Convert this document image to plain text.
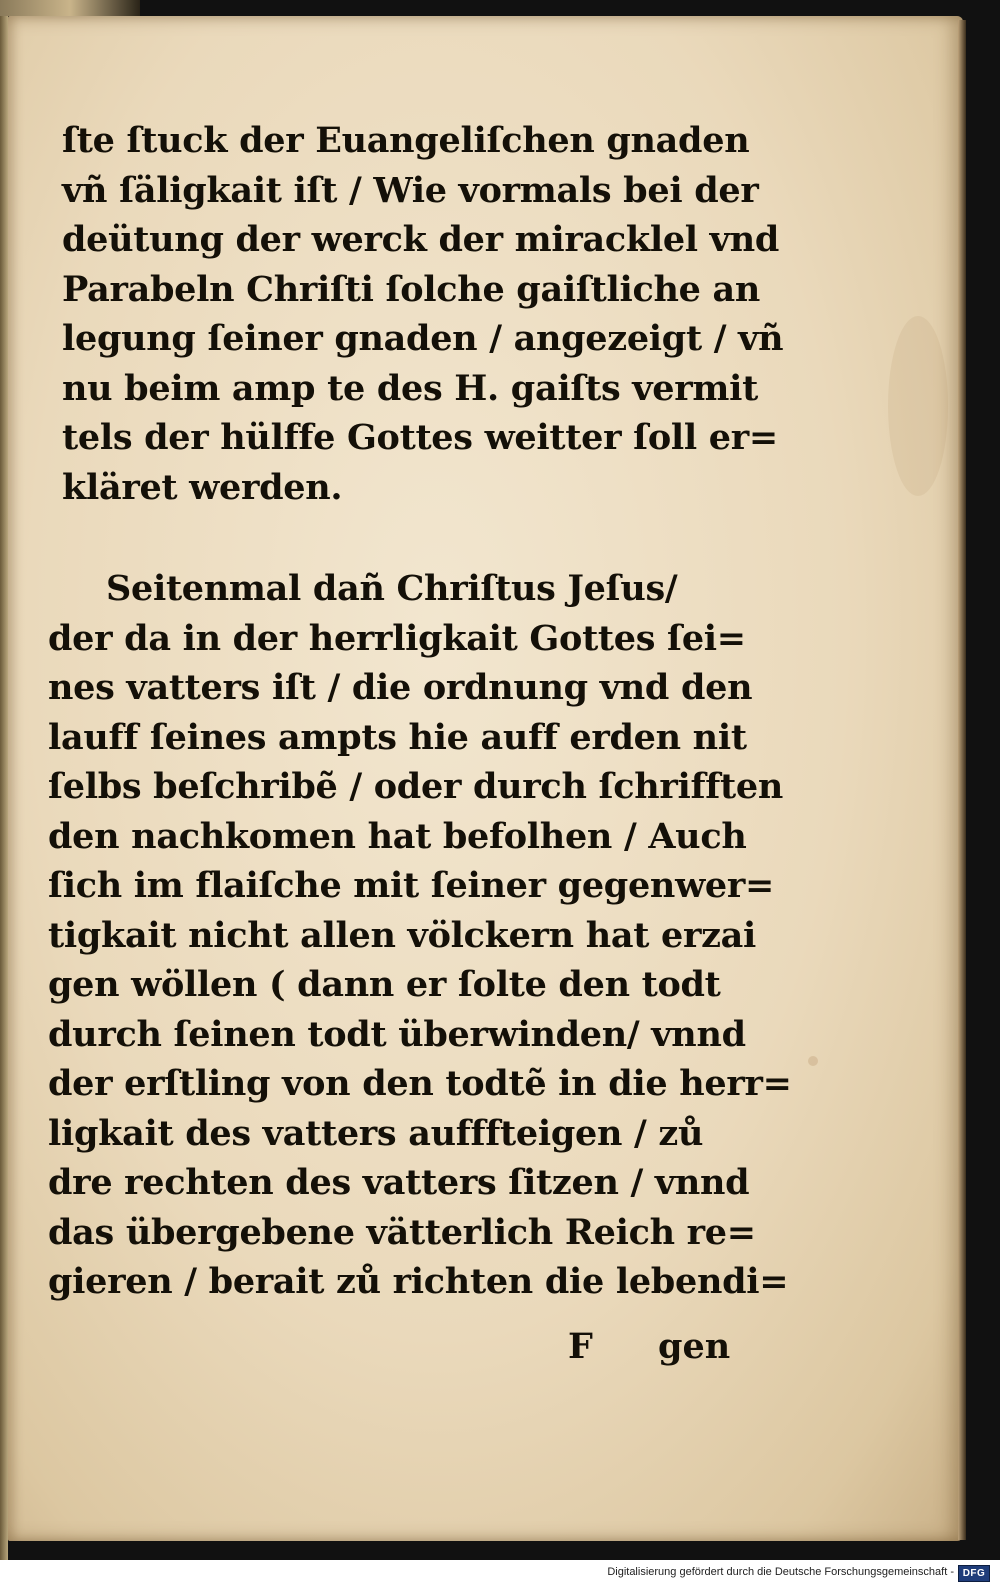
ſte ſtuck der Euangeliſchen gnaden
vñ ſäligkait iſt / Wie vormals bei der
deütung der werck der miracklel vnd
Parabeln Chriſti ſolche gaiſtliche an
legung ſeiner gnaden / angezeigt / vñ
nu beim amp te des H. gaiſts vermit
tels der hülffe Gottes weitter ſoll er=
kläret werden.
Seitenmal dañ Chriſtus Jeſus/
der da in der herrligkait Gottes ſei=
nes vatters iſt / die ordnung vnd den
lauff ſeines ampts hie auff erden nit
ſelbs beſchribẽ / oder durch ſchrifften
den nachkomen hat befolhen / Auch
ſich im flaiſche mit ſeiner gegenwer=
tigkait nicht allen völckern hat erzai
gen wöllen ( dann er ſolte den todt
durch ſeinen todt überwinden/ vnnd
der erſtling von den todtẽ in die herr=
ligkait des vatters aufffteigen / zů
dre rechten des vatters ſitzen / vnnd
das übergebene vätterlich Reich re=
gieren / berait zů richten die lebendi=
F gen
Digitalisierung gefördert durch die Deutsche Forschungsgemeinschaft - DFG
